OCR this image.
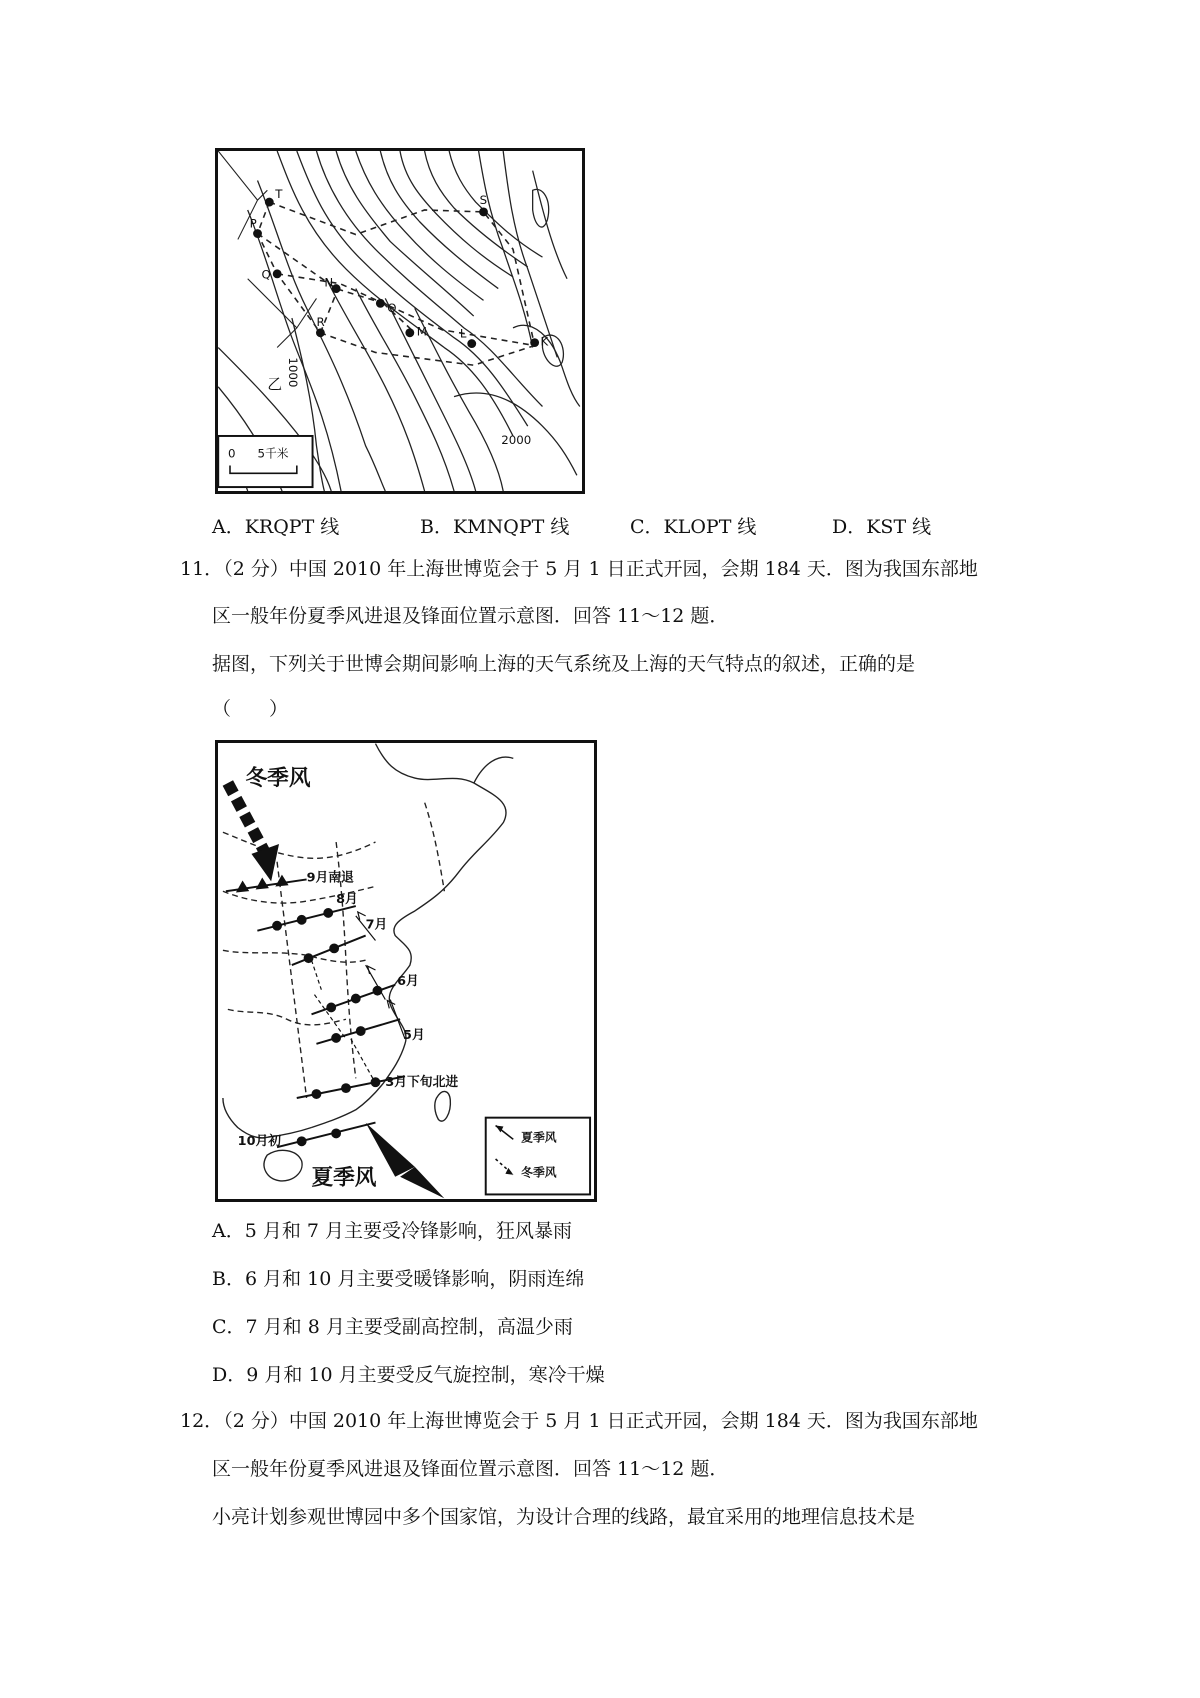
T
P
Q
N
R
O
M	L
S
K
1000
2000
乙
0 5千米
A．KRQPT 线	B．KMNQPT 线	C．KLOPT 线	D．KST 线
11．（2 分）中国 2010 年上海世博览会于 5 月 1 日正式开园，会期 184 天．图为我国东部地
区一般年份夏季风进退及锋面位置示意图．回答 11～12 题．
据图，下列关于世博会期间影响上海的天气系统及上海的天气特点的叙述，正确的是
（　　）
冬季风
夏季风
9月南退
8月
7月
6月
5月
3月下旬北进
10月初	夏季风
冬季风
A．5 月和 7 月主要受冷锋影响，狂风暴雨
B．6 月和 10 月主要受暖锋影响，阴雨连绵
C．7 月和 8 月主要受副高控制，高温少雨
D．9 月和 10 月主要受反气旋控制，寒冷干燥
12．（2 分）中国 2010 年上海世博览会于 5 月 1 日正式开园，会期 184 天．图为我国东部地
区一般年份夏季风进退及锋面位置示意图．回答 11～12 题．
小亮计划参观世博园中多个国家馆，为设计合理的线路，最宜采用的地理信息技术是
